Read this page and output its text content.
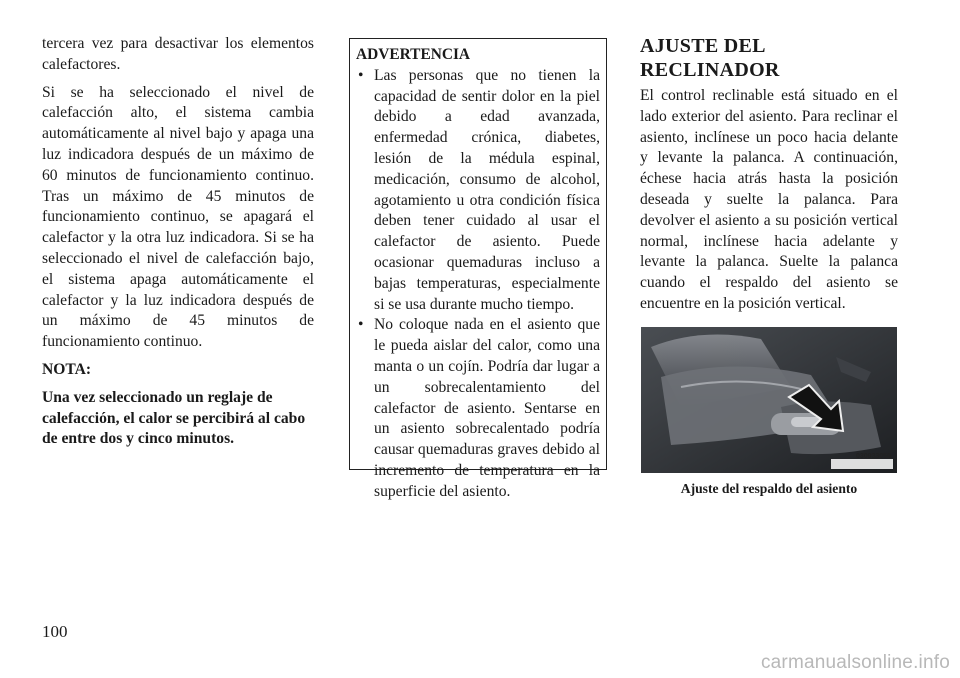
tercera vez para desactivar los elementos calefactores.

Si se ha seleccionado el nivel de calefacción alto, el sistema cambia automáticamente al nivel bajo y apaga una luz indicadora después de un máximo de 60 minutos de funcionamiento continuo. Tras un máximo de 45 minutos de funcionamiento continuo, se apagará el calefactor y la otra luz indicadora. Si se ha seleccionado el nivel de calefacción bajo, el sistema apaga automáticamente el calefactor y la luz indicadora después de un máximo de 45 minutos de funcionamiento continuo.

NOTA:

Una vez seleccionado un reglaje de calefacción, el calor se percibirá al cabo de entre dos y cinco minutos.

ADVERTENCIA
• Las personas que no tienen la capacidad de sentir dolor en la piel debido a edad avanzada, enfermedad crónica, diabetes, lesión de la médula espinal, medicación, consumo de alcohol, agotamiento u otra condición física deben tener cuidado al usar el calefactor de asiento. Puede ocasionar quemaduras incluso a bajas temperaturas, especialmente si se usa durante mucho tiempo.
• No coloque nada en el asiento que le pueda aislar del calor, como una manta o un cojín. Podría dar lugar a un sobrecalentamiento del calefactor de asiento. Sentarse en un asiento sobrecalentado podría causar quemaduras graves debido al incremento de temperatura en la superficie del asiento.
AJUSTE DEL RECLINADOR

El control reclinable está situado en el lado exterior del asiento. Para reclinar el asiento, inclínese un poco hacia delante y levante la palanca. A continuación, échese hacia atrás hasta la posición deseada y suelte la palanca. Para devolver el asiento a su posición vertical normal, inclínese hacia adelante y levante la palanca. Suelte la palanca cuando el respaldo del asiento se encuentre en la posición vertical.

030933059
Ajuste del respaldo del asiento
100
carmanualsonline.info
